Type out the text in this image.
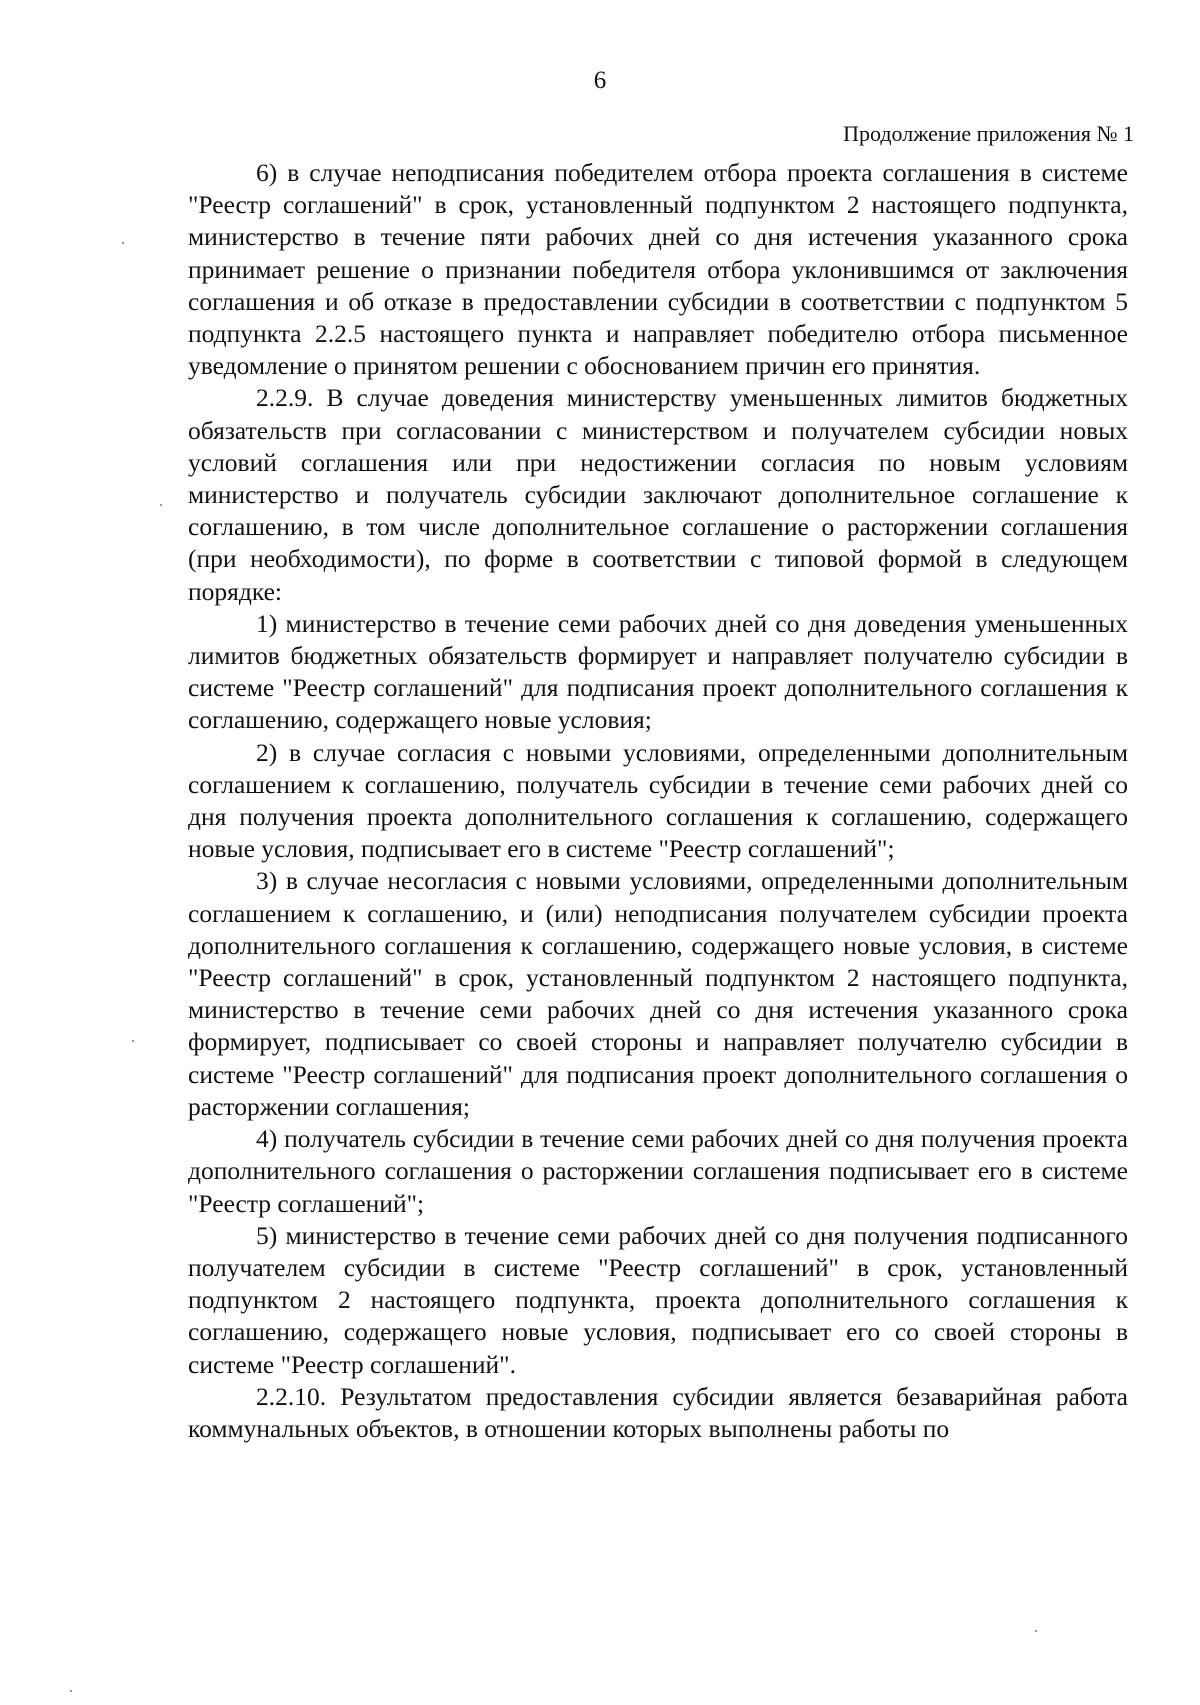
6
Продолжение приложения № 1

6) в случае неподписания победителем отбора проекта соглашения в системе "Реестр соглашений" в срок, установленный подпунктом 2 настоящего подпункта, министерство в течение пяти рабочих дней со дня истечения указанного срока принимает решение о признании победителя отбора уклонившимся от заключения соглашения и об отказе в предоставлении субсидии в соответствии с подпунктом 5 подпункта 2.2.5 настоящего пункта и направляет победителю отбора письменное уведомление о принятом решении с обоснованием причин его принятия.

2.2.9. В случае доведения министерству уменьшенных лимитов бюджетных обязательств при согласовании с министерством и получателем субсидии новых условий соглашения или при недостижении согласия по новым условиям министерство и получатель субсидии заключают дополнительное соглашение к соглашению, в том числе дополнительное соглашение о расторжении соглашения (при необходимости), по форме в соответствии с типовой формой в следующем порядке:

1) министерство в течение семи рабочих дней со дня доведения уменьшенных лимитов бюджетных обязательств формирует и направляет получателю субсидии в системе "Реестр соглашений" для подписания проект дополнительного соглашения к соглашению, содержащего новые условия;

2) в случае согласия с новыми условиями, определенными дополнительным соглашением к соглашению, получатель субсидии в течение семи рабочих дней со дня получения проекта дополнительного соглашения к соглашению, содержащего новые условия, подписывает его в системе "Реестр соглашений";

3) в случае несогласия с новыми условиями, определенными дополнительным соглашением к соглашению, и (или) неподписания получателем субсидии проекта дополнительного соглашения к соглашению, содержащего новые условия, в системе "Реестр соглашений" в срок, установленный подпунктом 2 настоящего подпункта, министерство в течение семи рабочих дней со дня истечения указанного срока формирует, подписывает со своей стороны и направляет получателю субсидии в системе "Реестр соглашений" для подписания проект дополнительного соглашения о расторжении соглашения;

4) получатель субсидии в течение семи рабочих дней со дня получения проекта дополнительного соглашения о расторжении соглашения подписывает его в системе "Реестр соглашений";

5) министерство в течение семи рабочих дней со дня получения подписанного получателем субсидии в системе "Реестр соглашений" в срок, установленный подпунктом 2 настоящего подпункта, проекта дополнительного соглашения к соглашению, содержащего новые условия, подписывает его со своей стороны в системе "Реестр соглашений".

2.2.10. Результатом предоставления субсидии является безаварийная работа коммунальных объектов, в отношении которых выполнены работы по
